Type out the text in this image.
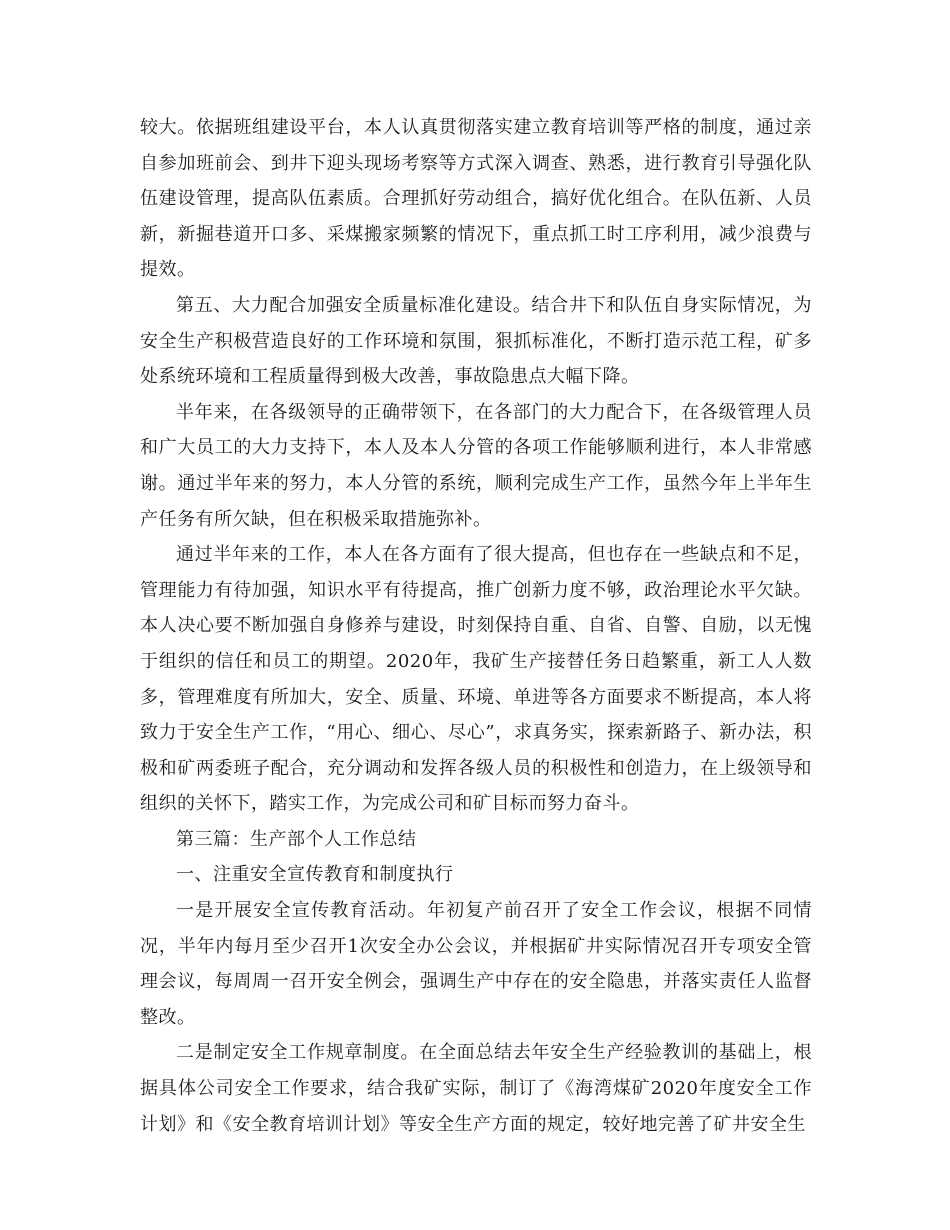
较大。依据班组建设平台，本人认真贯彻落实建立教育培训等严格的制度，通过亲自参加班前会、到井下迎头现场考察等方式深入调查、熟悉，进行教育引导强化队伍建设管理，提高队伍素质。合理抓好劳动组合，搞好优化组合。在队伍新、人员新，新掘巷道开口多、采煤搬家频繁的情况下，重点抓工时工序利用，减少浪费与提效。

第五、大力配合加强安全质量标准化建设。结合井下和队伍自身实际情况，为安全生产积极营造良好的工作环境和氛围，狠抓标准化，不断打造示范工程，矿多处系统环境和工程质量得到极大改善，事故隐患点大幅下降。

半年来，在各级领导的正确带领下，在各部门的大力配合下，在各级管理人员和广大员工的大力支持下，本人及本人分管的各项工作能够顺利进行，本人非常感谢。通过半年来的努力，本人分管的系统，顺利完成生产工作，虽然今年上半年生产任务有所欠缺，但在积极采取措施弥补。

通过半年来的工作，本人在各方面有了很大提高，但也存在一些缺点和不足，管理能力有待加强，知识水平有待提高，推广创新力度不够，政治理论水平欠缺。本人决心要不断加强自身修养与建设，时刻保持自重、自省、自警、自励，以无愧于组织的信任和员工的期望。2020年，我矿生产接替任务日趋繁重，新工人人数多，管理难度有所加大，安全、质量、环境、单进等各方面要求不断提高，本人将致力于安全生产工作，“用心、细心、尽心”，求真务实，探索新路子、新办法，积极和矿两委班子配合，充分调动和发挥各级人员的积极性和创造力，在上级领导和组织的关怀下，踏实工作，为完成公司和矿目标而努力奋斗。

第三篇：生产部个人工作总结

一、注重安全宣传教育和制度执行

一是开展安全宣传教育活动。年初复产前召开了安全工作会议，根据不同情况，半年内每月至少召开1次安全办公会议，并根据矿井实际情况召开专项安全管理会议，每周周一召开安全例会，强调生产中存在的安全隐患，并落实责任人监督整改。

二是制定安全工作规章制度。在全面总结去年安全生产经验教训的基础上，根据具体公司安全工作要求，结合我矿实际，制订了《海湾煤矿2020年度安全工作计划》和《安全教育培训计划》等安全生产方面的规定，较好地完善了矿井安全生
